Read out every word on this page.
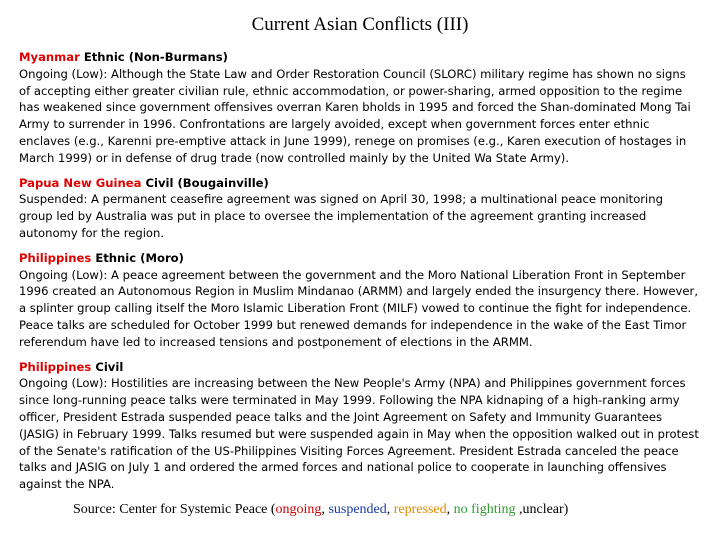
Current Asian Conflicts (III)
Myanmar Ethnic (Non-Burmans)
Ongoing (Low): Although the State Law and Order Restoration Council (SLORC) military regime has shown no signs of accepting either greater civilian rule, ethnic accommodation, or power-sharing, armed opposition to the regime has weakened since government offensives overran Karen bholds in 1995 and forced the Shan-dominated Mong Tai Army to surrender in 1996. Confrontations are largely avoided, except when government forces enter ethnic enclaves (e.g., Karenni pre-emptive attack in June 1999), renege on promises (e.g., Karen execution of hostages in March 1999) or in defense of drug trade (now controlled mainly by the United Wa State Army).
Papua New Guinea Civil (Bougainville)
Suspended: A permanent ceasefire agreement was signed on April 30, 1998; a multinational peace monitoring group led by Australia was put in place to oversee the implementation of the agreement granting increased autonomy for the region.
Philippines Ethnic (Moro)
Ongoing (Low): A peace agreement between the government and the Moro National Liberation Front in September 1996 created an Autonomous Region in Muslim Mindanao (ARMM) and largely ended the insurgency there. However, a splinter group calling itself the Moro Islamic Liberation Front (MILF) vowed to continue the fight for independence. Peace talks are scheduled for October 1999 but renewed demands for independence in the wake of the East Timor referendum have led to increased tensions and postponement of elections in the ARMM.
Philippines Civil
Ongoing (Low): Hostilities are increasing between the New People's Army (NPA) and Philippines government forces since long-running peace talks were terminated in May 1999. Following the NPA kidnaping of a high-ranking army officer, President Estrada suspended peace talks and the Joint Agreement on Safety and Immunity Guarantees (JASIG) in February 1999. Talks resumed but were suspended again in May when the opposition walked out in protest of the Senate's ratification of the US-Philippines Visiting Forces Agreement. President Estrada canceled the peace talks and JASIG on July 1 and ordered the armed forces and national police to cooperate in launching offensives against the NPA.
Source: Center for Systemic Peace (ongoing, suspended, repressed, no fighting ,unclear)
